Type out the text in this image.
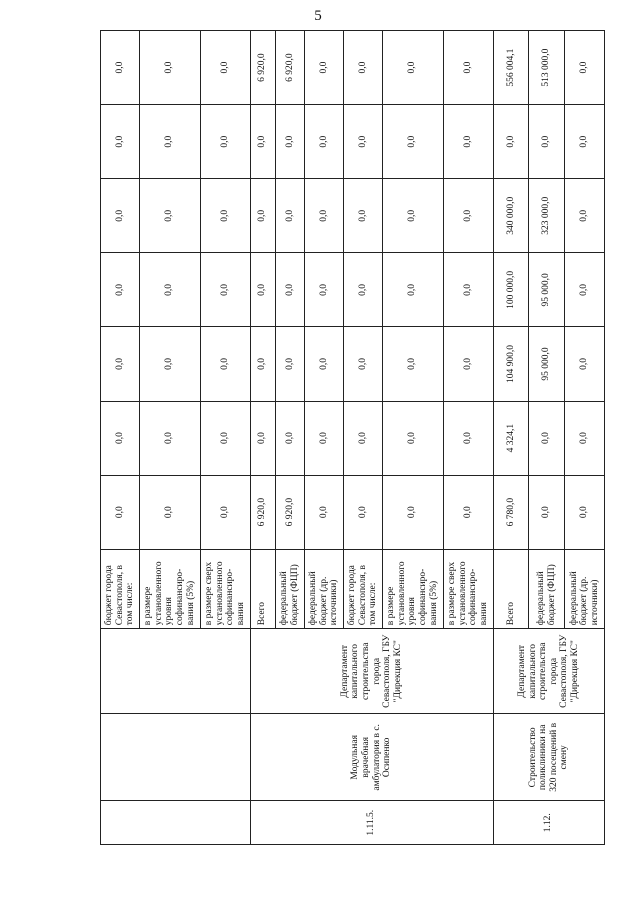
5
			бюджет города Севастополя, в том числе:	0,0	0,0	0,0	0,0	0,0	0,0	0,0
			в размере установленного уровня софинансиро-вания (5%)	0,0	0,0	0,0	0,0	0,0	0,0	0,0
			в размере сверх установленного софинансиро-вания	0,0	0,0	0,0	0,0	0,0	0,0	0,0
1.11.5.	Модульная врачебная амбулатория в с. Осипенко	Департамент капитального строительства города Севастополя, ГБУ "Дирекция КС"	Всего	6 920,0	0,0	0,0	0,0	0,0	0,0	6 920,0
			федеральный бюджет (ФЦП)	6 920,0	0,0	0,0	0,0	0,0	0,0	6 920,0
			федеральный бюджет (др. источники)	0,0	0,0	0,0	0,0	0,0	0,0	0,0
			бюджет города Севастополя, в том числе:	0,0	0,0	0,0	0,0	0,0	0,0	0,0
			в размере установленного уровня софинансиро-вания (5%)	0,0	0,0	0,0	0,0	0,0	0,0	0,0
			в размере сверх установленного софинансиро-вания	0,0	0,0	0,0	0,0	0,0	0,0	0,0
1.12.	Строительство поликлиники на 320 посещений в смену	Департамент капитального строительства города Севастополя, ГБУ "Дирекция КС"	Всего	6 780,0	4 324,1	104 900,0	100 000,0	340 000,0	0,0	556 004,1
			федеральный бюджет (ФЦП)	0,0	0,0	95 000,0	95 000,0	323 000,0	0,0	513 000,0
			федеральный бюджет (др. источники)	0,0	0,0	0,0	0,0	0,0	0,0	0,0
